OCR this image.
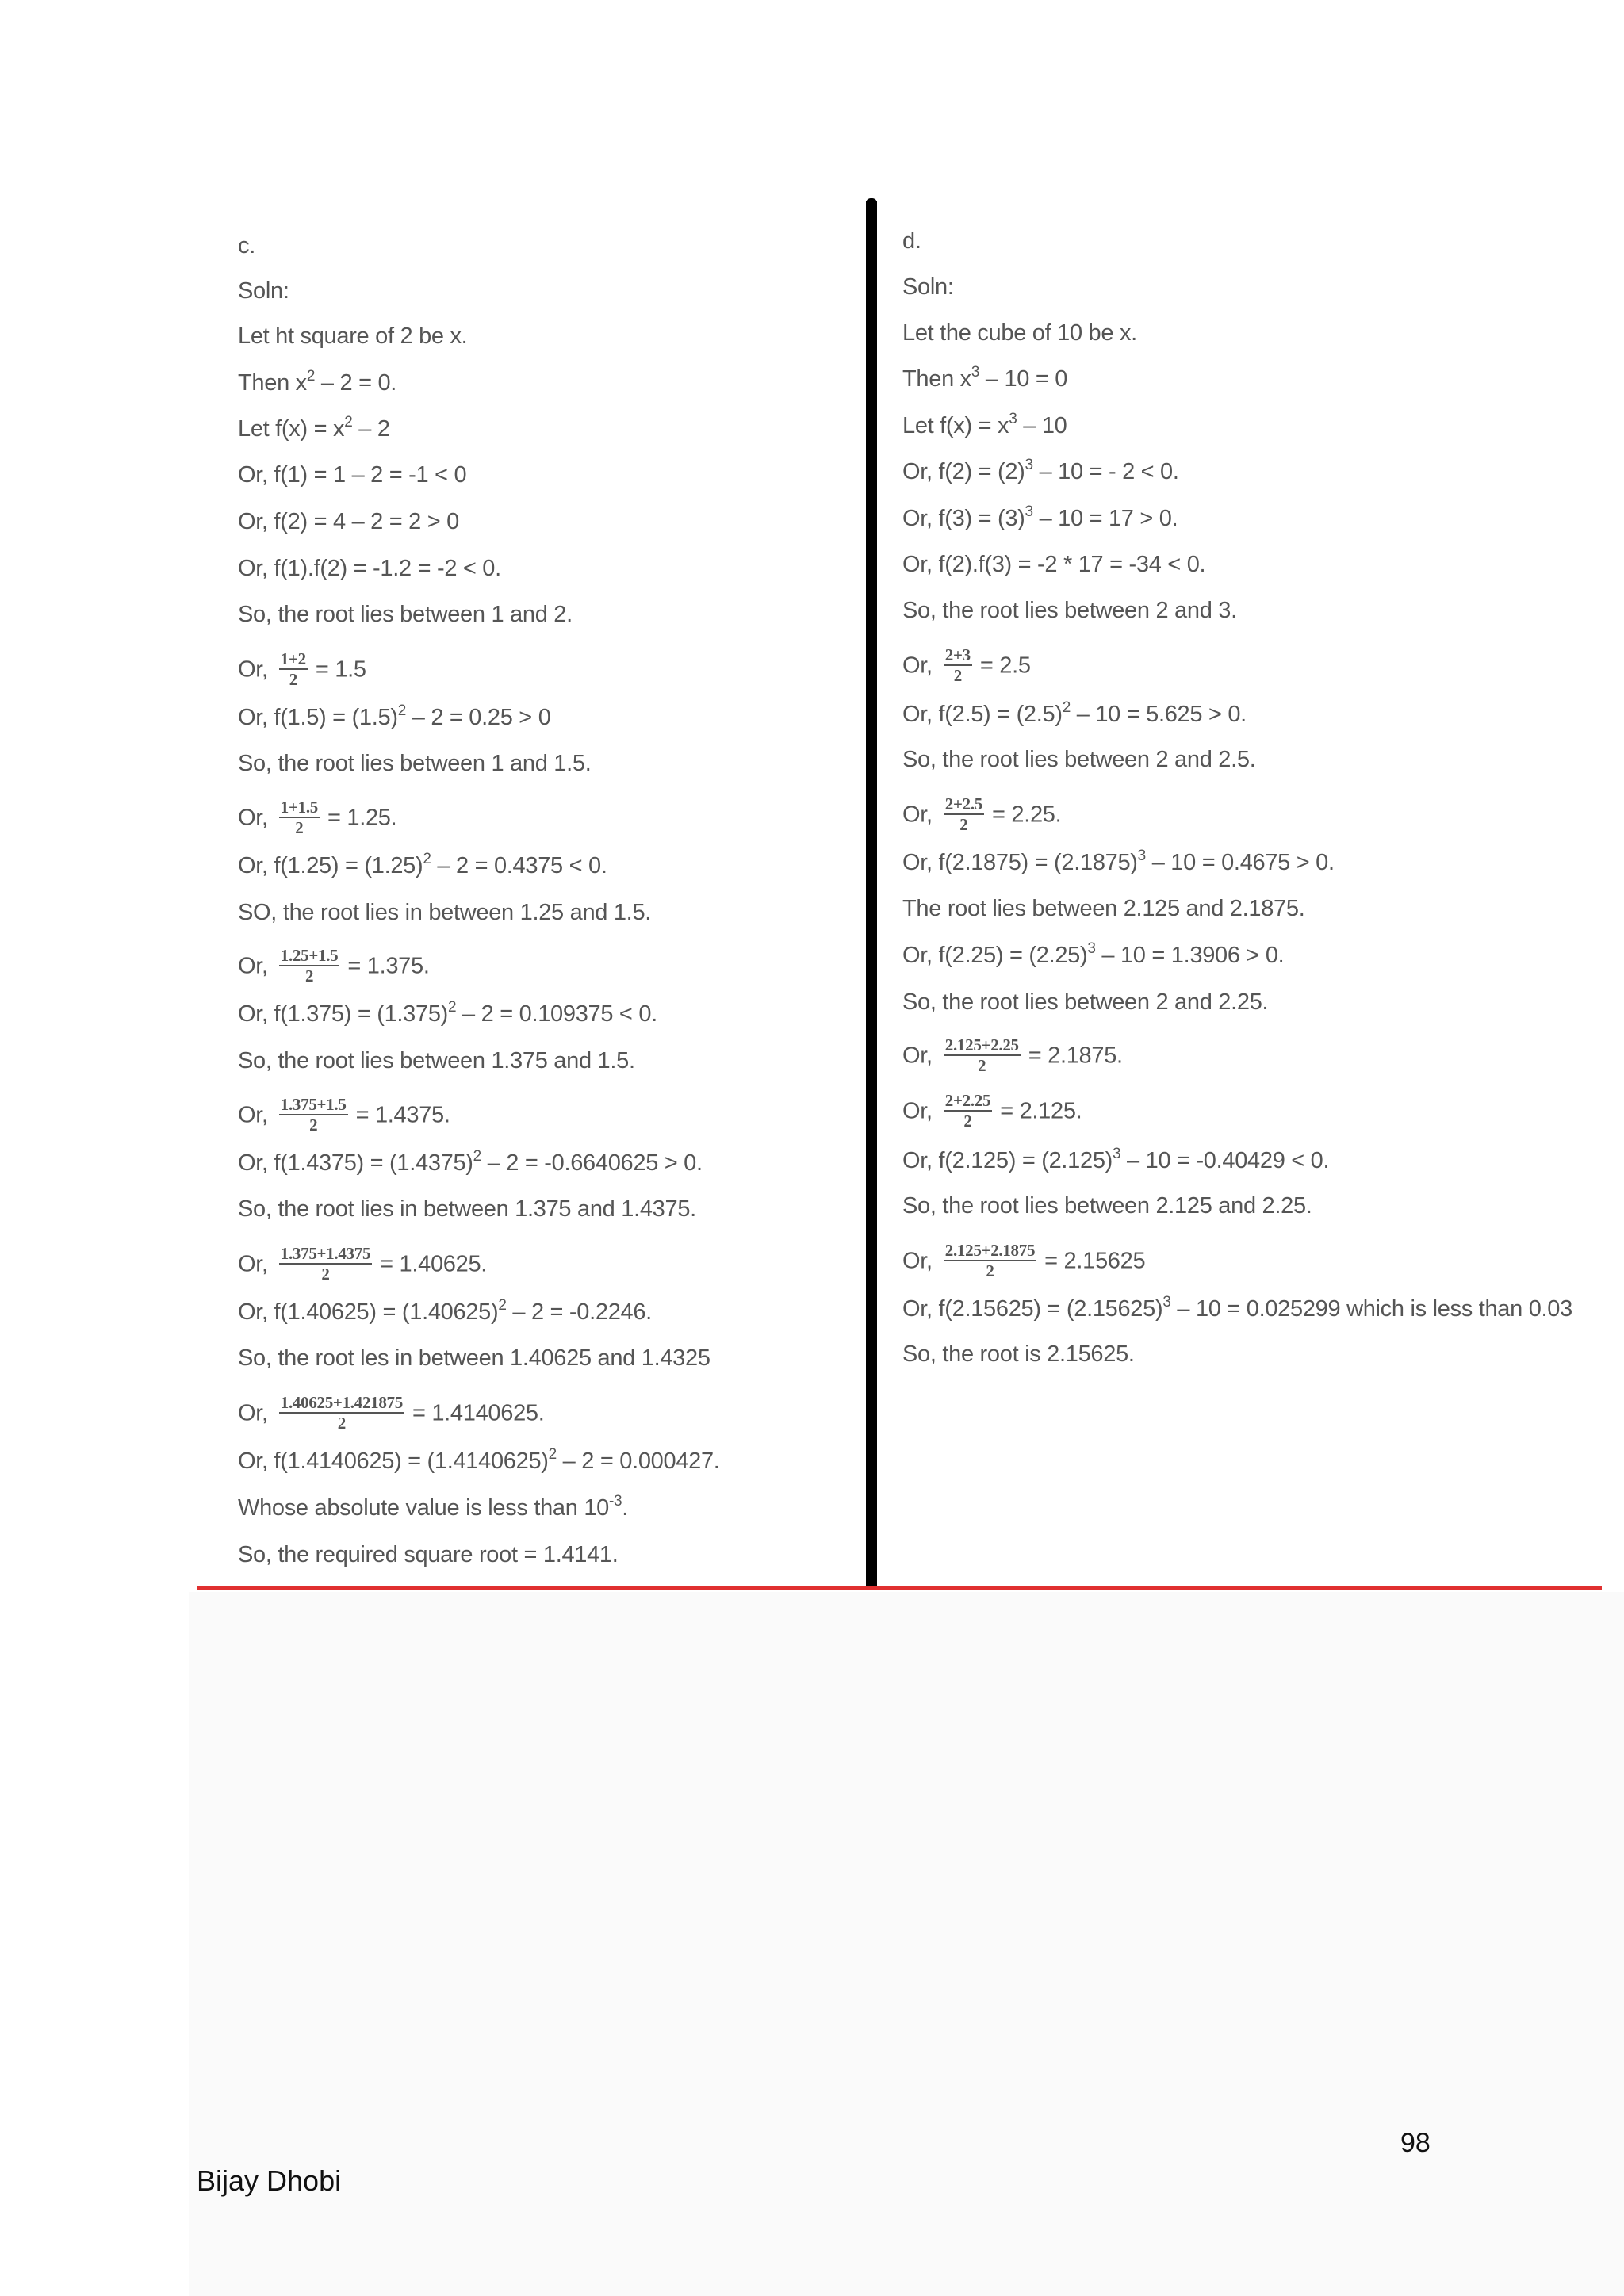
c.
Soln:
Let ht square of 2 be x.
Then $x^2 - 2 = 0$.
Let $f(x) = x^2 - 2$
Or, f(1) = 1 – 2 = -1 < 0
Or, f(2) = 4 – 2 = 2 > 0
Or, f(1).f(2) = -1.2 = -2 < 0.
So, the root lies between 1 and 2.
Or, $\frac{1+2}{2} = 1.5$
Or, $f(1.5) = (1.5)^2 - 2 = 0.25 > 0$
So, the root lies between 1 and 1.5.
Or, $\frac{1+1.5}{2} = 1.25$.
Or, $f(1.25) = (1.25)^2 - 2 = 0.4375 < 0$.
SO, the root lies in between 1.25 and 1.5.
Or, $\frac{1.25+1.5}{2} = 1.375$.
Or, $f(1.375) = (1.375)^2 - 2 = 0.109375 < 0$.
So, the root lies between 1.375 and 1.5.
Or, $\frac{1.375+1.5}{2} = 1.4375$.
Or, $f(1.4375) = (1.4375)^2 - 2 = -0.6640625 > 0$.
So, the root lies in between 1.375 and 1.4375.
Or, $\frac{1.375+1.4375}{2} = 1.40625$.
Or, $f(1.40625) = (1.40625)^2 - 2 = -0.2246$.
So, the root les in between 1.40625 and 1.4325
Or, $\frac{1.40625+1.421875}{2} = 1.4140625$.
Or, $f(1.4140625) = (1.4140625)^2 - 2 = 0.000427$.
Whose absolute value is less than $10^{-3}$.
So, the required square root = 1.4141.
d.
Soln:
Let the cube of 10 be x.
Then $x^3 - 10 = 0$
Let $f(x) = x^3 - 10$
Or, $f(2) = (2)^3 - 10$ = - 2 < 0.
Or, $f(3) = (3)^3 - 10 = 17 > 0$.
Or, f(2).f(3) = -2 * 17 = -34 < 0.
So, the root lies between 2 and 3.
Or, $\frac{2+3}{2} = 2.5$
Or, $f(2.5) = (2.5)^2 - 10 = 5.625 > 0$.
So, the root lies between 2 and 2.5.
Or, $\frac{2+2.5}{2} = 2.25$.
Or, $f(2.1875) = (2.1875)^3 - 10 = 0.4675 > 0$.
The root lies between 2.125 and 2.1875.
Or, $f(2.25) = (2.25)^3 - 10 = 1.3906 > 0$.
So, the root lies between 2 and 2.25.
Or, $\frac{2.125+2.25}{2} = 2.1875$.
Or, $\frac{2+2.25}{2} = 2.125$.
Or, $f(2.125) = (2.125)^3 - 10 = -0.40429 < 0$.
So, the root lies between 2.125 and 2.25.
Or, $\frac{2.125+2.1875}{2} = 2.15625$
Or, $f(2.15625) = (2.15625)^3 - 10 = 0.025299$ which is less than 0.03
So, the root is 2.15625.
98
Bijay Dhobi
